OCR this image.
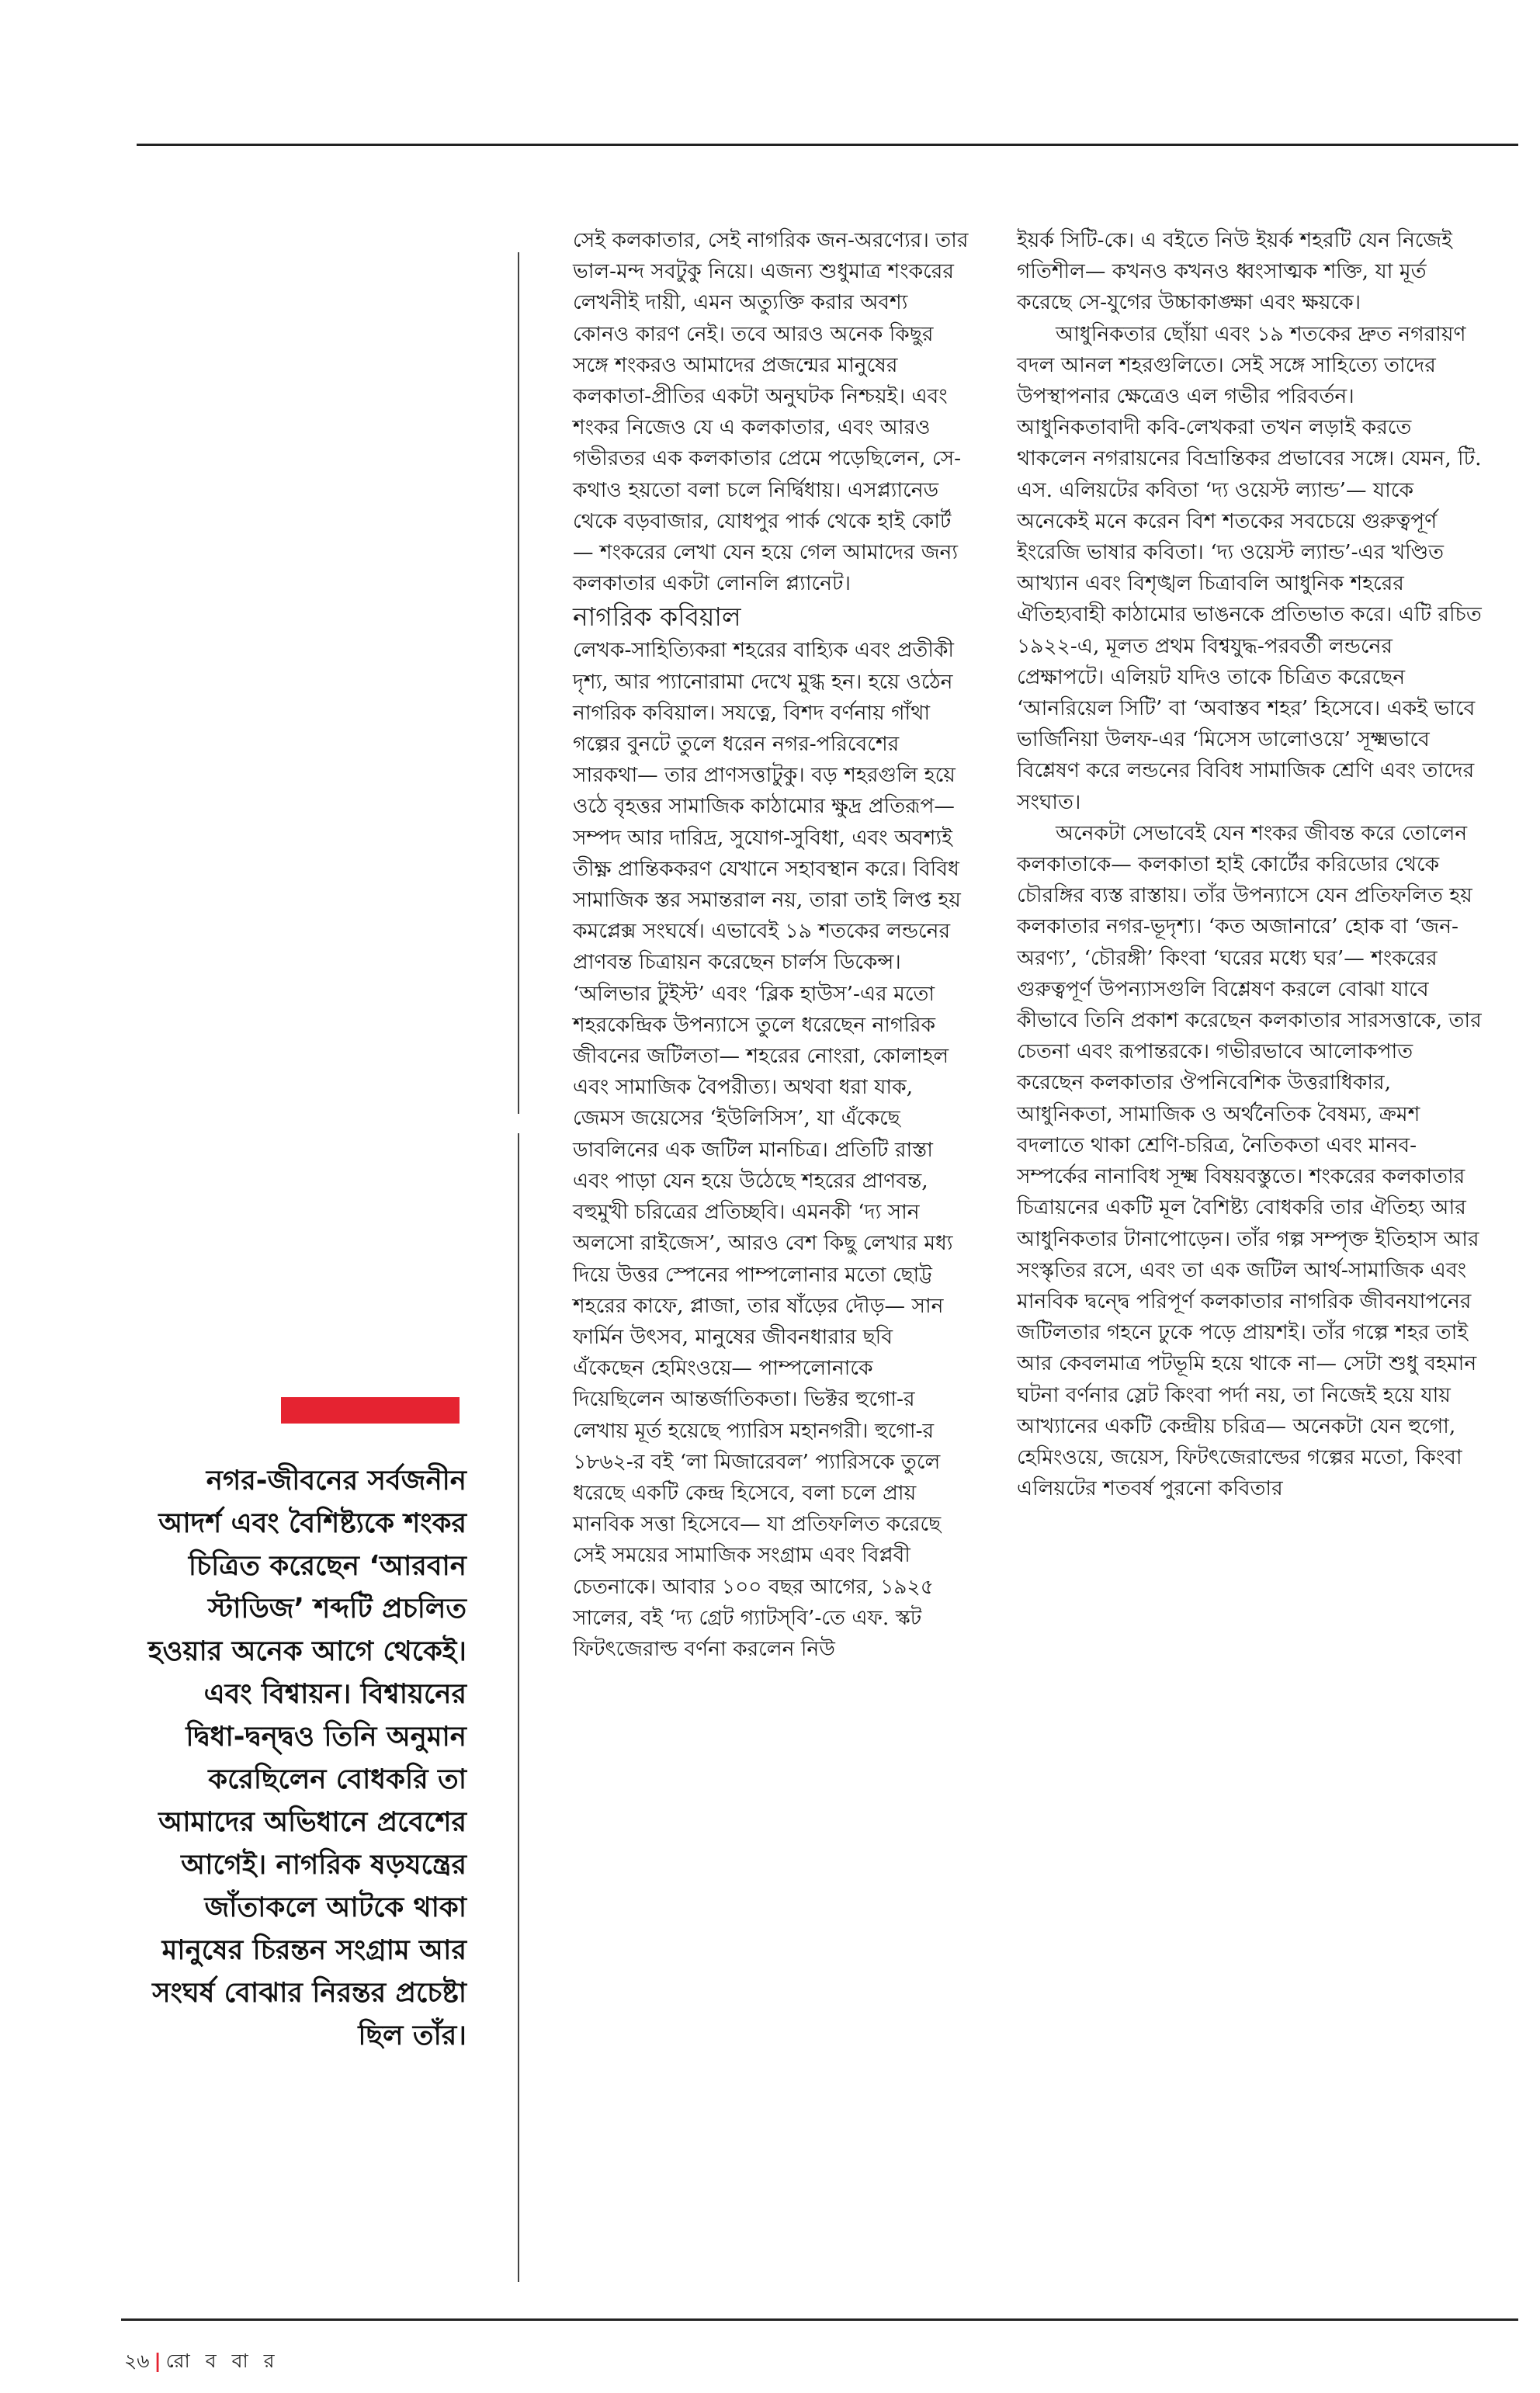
নগর-জীবনের সর্বজনীন আদর্শ এবং বৈশিষ্ট্যকে শংকর চিত্রিত করেছেন ‘আরবান স্টাডিজ’ শব্দটি প্রচলিত হওয়ার অনেক আগে থেকেই। এবং বিশ্বায়ন। বিশ্বায়নের দ্বিধা-দ্বন্দ্বও তিনি অনুমান করেছিলেন বোধকরি তা আমাদের অভিধানে প্রবেশের আগেই। নাগরিক ষড়যন্ত্রের জাঁতাকলে আটকে থাকা মানুষের চিরন্তন সংগ্রাম আর সংঘর্ষ বোঝার নিরন্তর প্রচেষ্টা ছিল তাঁর।

সেই কলকাতার, সেই নাগরিক জন-অরণ্যের। তার ভাল-মন্দ সবটুকু নিয়ে। এজন্য শুধুমাত্র শংকরের লেখনীই দায়ী, এমন অত্যুক্তি করার অবশ্য কোনও কারণ নেই। তবে আরও অনেক কিছুর সঙ্গে শংকরও আমাদের প্রজন্মের মানুষের কলকাতা-প্রীতির একটা অনুঘটক নিশ্চয়ই। এবং শংকর নিজেও যে এ কলকাতার, এবং আরও গভীরতর এক কলকাতার প্রেমে পড়েছিলেন, সে-কথাও হয়তো বলা চলে নির্দ্বিধায়। এসপ্ল্যানেড থেকে বড়বাজার, যোধপুর পার্ক থেকে হাই কোর্ট— শংকরের লেখা যেন হয়ে গেল আমাদের জন্য কলকাতার একটা লোনলি প্ল্যানেট।

নাগরিক কবিয়াল

লেখক-সাহিত্যিকরা শহরের বাহ্যিক এবং প্রতীকী দৃশ্য, আর প্যানোরামা দেখে মুগ্ধ হন। হয়ে ওঠেন নাগরিক কবিয়াল। সযত্নে, বিশদ বর্ণনায় গাঁথা গল্পের বুনটে তুলে ধরেন নগর-পরিবেশের সারকথা— তার প্রাণসত্তাটুকু। বড় শহরগুলি হয়ে ওঠে বৃহত্তর সামাজিক কাঠামোর ক্ষুদ্র প্রতিরূপ— সম্পদ আর দারিদ্র, সুযোগ-সুবিধা, এবং অবশ্যই তীক্ষ্ণ প্রান্তিককরণ যেখানে সহাবস্থান করে। বিবিধ সামাজিক স্তর সমান্তরাল নয়, তারা তাই লিপ্ত হয় কমপ্লেক্স সংঘর্ষে। এভাবেই ১৯ শতকের লন্ডনের প্রাণবন্ত চিত্রায়ন করেছেন চার্লস ডিকেন্স। ‘অলিভার টুইস্ট’ এবং ‘ব্লিক হাউস’-এর মতো শহরকেন্দ্রিক উপন্যাসে তুলে ধরেছেন নাগরিক জীবনের জটিলতা— শহরের নোংরা, কোলাহল এবং সামাজিক বৈপরীত্য। অথবা ধরা যাক, জেমস জয়েসের ‘ইউলিসিস’, যা এঁকেছে ডাবলিনের এক জটিল মানচিত্র। প্রতিটি রাস্তা এবং পাড়া যেন হয়ে উঠেছে শহরের প্রাণবন্ত, বহুমুখী চরিত্রের প্রতিচ্ছবি। এমনকী ‘দ্য সান অলসো রাইজেস’, আরও বেশ কিছু লেখার মধ্য দিয়ে উত্তর স্পেনের পাম্পলোনার মতো ছোট্ট শহরের কাফে, প্লাজা, তার ষাঁড়ের দৌড়— সান ফার্মিন উৎসব, মানুষের জীবনধারার ছবি এঁকেছেন হেমিংওয়ে— পাম্পলোনাকে দিয়েছিলেন আন্তর্জাতিকতা। ভিক্টর হুগো-র লেখায় মূর্ত হয়েছে প্যারিস মহানগরী। হুগো-র ১৮৬২-র বই ‘লা মিজারেবল’ প্যারিসকে তুলে ধরেছে একটি কেন্দ্র হিসেবে, বলা চলে প্রায় মানবিক সত্তা হিসেবে— যা প্রতিফলিত করেছে সেই সময়ের সামাজিক সংগ্রাম এবং বিপ্লবী চেতনাকে। আবার ১০০ বছর আগের, ১৯২৫ সালের, বই ‘দ্য গ্রেট গ্যাটস্‌বি’-তে এফ. স্কট ফিটৎজেরাল্ড বর্ণনা করলেন নিউ

ইয়র্ক সিটি-কে। এ বইতে নিউ ইয়র্ক শহরটি যেন নিজেই গতিশীল— কখনও কখনও ধ্বংসাত্মক শক্তি, যা মূর্ত করেছে সে-যুগের উচ্চাকাঙ্ক্ষা এবং ক্ষয়কে।

আধুনিকতার ছোঁয়া এবং ১৯ শতকের দ্রুত নগরায়ণ বদল আনল শহরগুলিতে। সেই সঙ্গে সাহিত্যে তাদের উপস্থাপনার ক্ষেত্রেও এল গভীর পরিবর্তন। আধুনিকতাবাদী কবি-লেখকরা তখন লড়াই করতে থাকলেন নগরায়নের বিভ্রান্তিকর প্রভাবের সঙ্গে। যেমন, টি. এস. এলিয়টের কবিতা ‘দ্য ওয়েস্ট ল্যান্ড’— যাকে অনেকেই মনে করেন বিশ শতকের সবচেয়ে গুরুত্বপূর্ণ ইংরেজি ভাষার কবিতা। ‘দ্য ওয়েস্ট ল্যান্ড’-এর খণ্ডিত আখ্যান এবং বিশৃঙ্খল চিত্রাবলি আধুনিক শহরের ঐতিহ্যবাহী কাঠামোর ভাঙনকে প্রতিভাত করে। এটি রচিত ১৯২২-এ, মূলত প্রথম বিশ্বযুদ্ধ-পরবর্তী লন্ডনের প্রেক্ষাপটে। এলিয়ট যদিও তাকে চিত্রিত করেছেন ‘আনরিয়েল সিটি’ বা ‘অবাস্তব শহর’ হিসেবে। একই ভাবে ভার্জিনিয়া উলফ-এর ‘মিসেস ডালোওয়ে’ সূক্ষ্মভাবে বিশ্লেষণ করে লন্ডনের বিবিধ সামাজিক শ্রেণি এবং তাদের সংঘাত।

অনেকটা সেভাবেই যেন শংকর জীবন্ত করে তোলেন কলকাতাকে— কলকাতা হাই কোর্টের করিডোর থেকে চৌরঙ্গির ব্যস্ত রাস্তায়। তাঁর উপন্যাসে যেন প্রতিফলিত হয় কলকাতার নগর-ভূদৃশ্য। ‘কত অজানারে’ হোক বা ‘জন-অরণ্য’, ‘চৌরঙ্গী’ কিংবা ‘ঘরের মধ্যে ঘর’— শংকরের গুরুত্বপূর্ণ উপন্যাসগুলি বিশ্লেষণ করলে বোঝা যাবে কীভাবে তিনি প্রকাশ করেছেন কলকাতার সারসত্তাকে, তার চেতনা এবং রূপান্তরকে। গভীরভাবে আলোকপাত করেছেন কলকাতার ঔপনিবেশিক উত্তরাধিকার, আধুনিকতা, সামাজিক ও অর্থনৈতিক বৈষম্য, ক্রমশ বদলাতে থাকা শ্রেণি-চরিত্র, নৈতিকতা এবং মানব-সম্পর্কের নানাবিধ সূক্ষ্ম বিষয়বস্তুতে। শংকরের কলকাতার চিত্রায়নের একটি মূল বৈশিষ্ট্য বোধকরি তার ঐতিহ্য আর আধুনিকতার টানাপোড়েন। তাঁর গল্প সম্পৃক্ত ইতিহাস আর সংস্কৃতির রসে, এবং তা এক জটিল আর্থ-সামাজিক এবং মানবিক দ্বন্দ্বে পরিপূর্ণ কলকাতার নাগরিক জীবনযাপনের জটিলতার গহনে ঢুকে পড়ে প্রায়শই। তাঁর গল্পে শহর তাই আর কেবলমাত্র পটভূমি হয়ে থাকে না— সেটা শুধু বহমান ঘটনা বর্ণনার স্লেট কিংবা পর্দা নয়, তা নিজেই হয়ে যায় আখ্যানের একটি কেন্দ্রীয় চরিত্র— অনেকটা যেন হুগো, হেমিংওয়ে, জয়েস, ফিটৎজেরাল্ডের গল্পের মতো, কিংবা এলিয়টের শতবর্ষ পুরনো কবিতার

২৬ | রো ব বা র
